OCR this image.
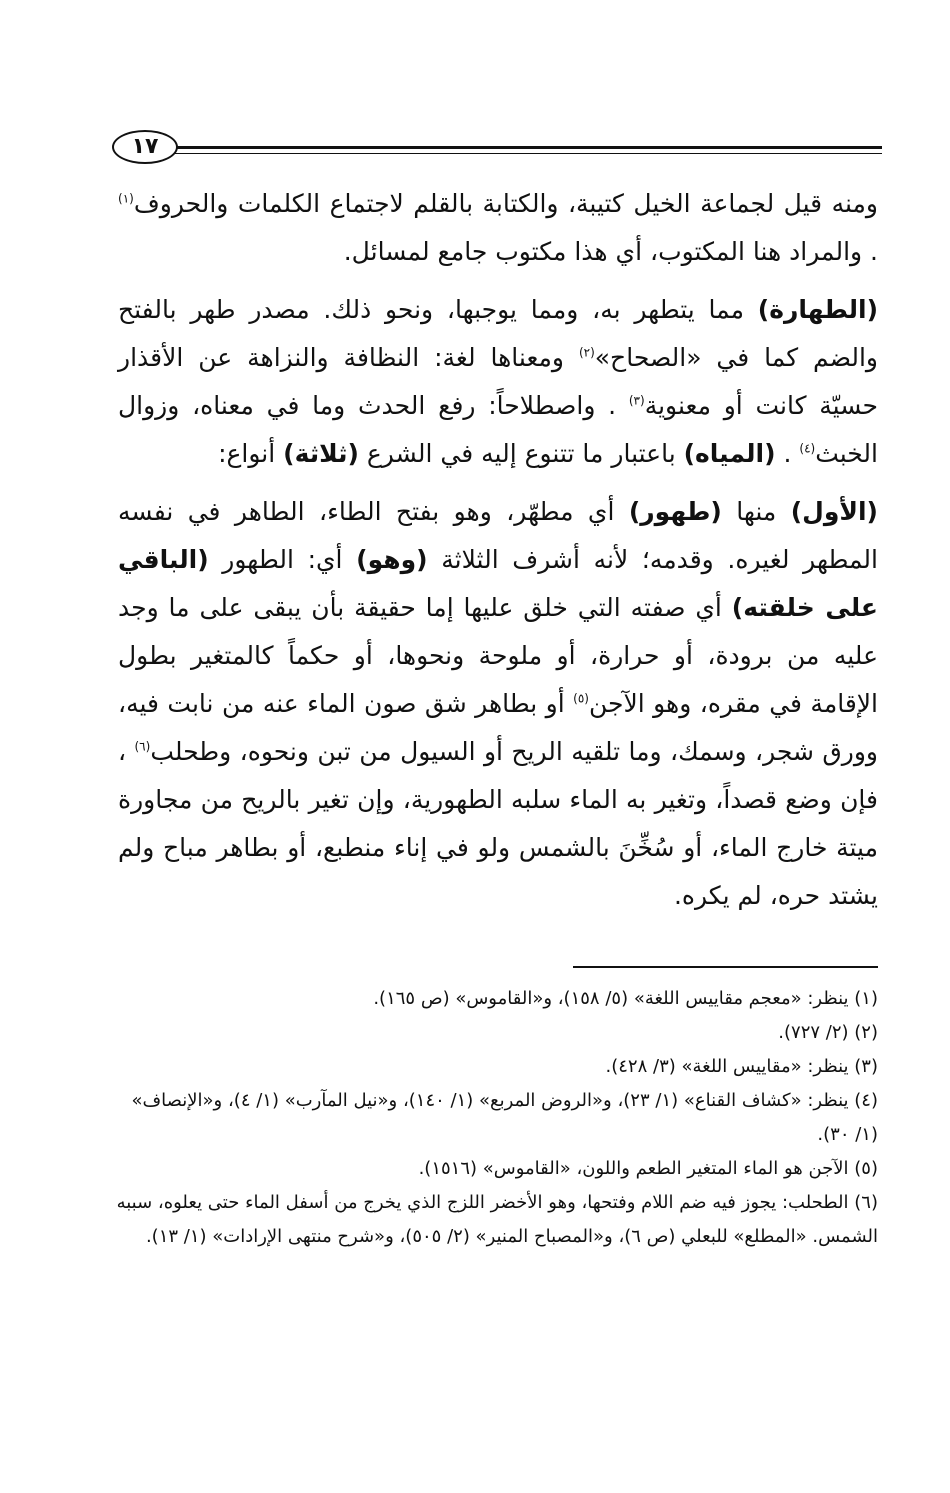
١٧

ومنه قيل لجماعة الخيل كتيبة، والكتابة بالقلم لاجتماع الكلمات والحروف$^{(١)}$ . والمراد هنا المكتوب، أي هذا مكتوب جامع لمسائل.

(الطهارة) مما يتطهر به، ومما يوجبها، ونحو ذلك. مصدر طهر بالفتح والضم كما في «الصحاح»$^{(٢)}$ ومعناها لغة: النظافة والنزاهة عن الأقذار حسيّة كانت أو معنوية$^{(٣)}$ . واصطلاحاً: رفع الحدث وما في معناه، وزوال الخبث$^{(٤)}$ . (المياه) باعتبار ما تتنوع إليه في الشرع (ثلاثة) أنواع:

(الأول) منها (طهور) أي مطهّر، وهو بفتح الطاء، الطاهر في نفسه المطهر لغيره. وقدمه؛ لأنه أشرف الثلاثة (وهو) أي: الطهور (الباقي على خلقته) أي صفته التي خلق عليها إما حقيقة بأن يبقى على ما وجد عليه من برودة، أو حرارة، أو ملوحة ونحوها، أو حكماً كالمتغير بطول الإقامة في مقره، وهو الآجن$^{(٥)}$ أو بطاهر شق صون الماء عنه من نابت فيه، وورق شجر، وسمك، وما تلقيه الريح أو السيول من تبن ونحوه، وطحلب$^{(٦)}$ ، فإن وضع قصداً، وتغير به الماء سلبه الطهورية، وإن تغير بالريح من مجاورة ميتة خارج الماء، أو سُخِّنَ بالشمس ولو في إناء منطبع، أو بطاهر مباح ولم يشتد حره، لم يكره.

(١) ينظر: «معجم مقاييس اللغة» (٥/ ١٥٨)، و«القاموس» (ص ١٦٥).

(٢) (٢/ ٧٢٧).

(٣) ينظر: «مقاييس اللغة» (٣/ ٤٢٨).

(٤) ينظر: «كشاف القناع» (١/ ٢٣)، و«الروض المربع» (١/ ١٤٠)، و«نيل المآرب» (١/ ٤)، و«الإنصاف» (١/ ٣٠).

(٥) الآجن هو الماء المتغير الطعم واللون، «القاموس» (١٥١٦).

(٦) الطحلب: يجوز فيه ضم اللام وفتحها، وهو الأخضر اللزج الذي يخرج من أسفل الماء حتى يعلوه، سببه الشمس. «المطلع» للبعلي (ص ٦)، و«المصباح المنير» (٢/ ٥٠٥)، و«شرح منتهى الإرادات» (١/ ١٣).
